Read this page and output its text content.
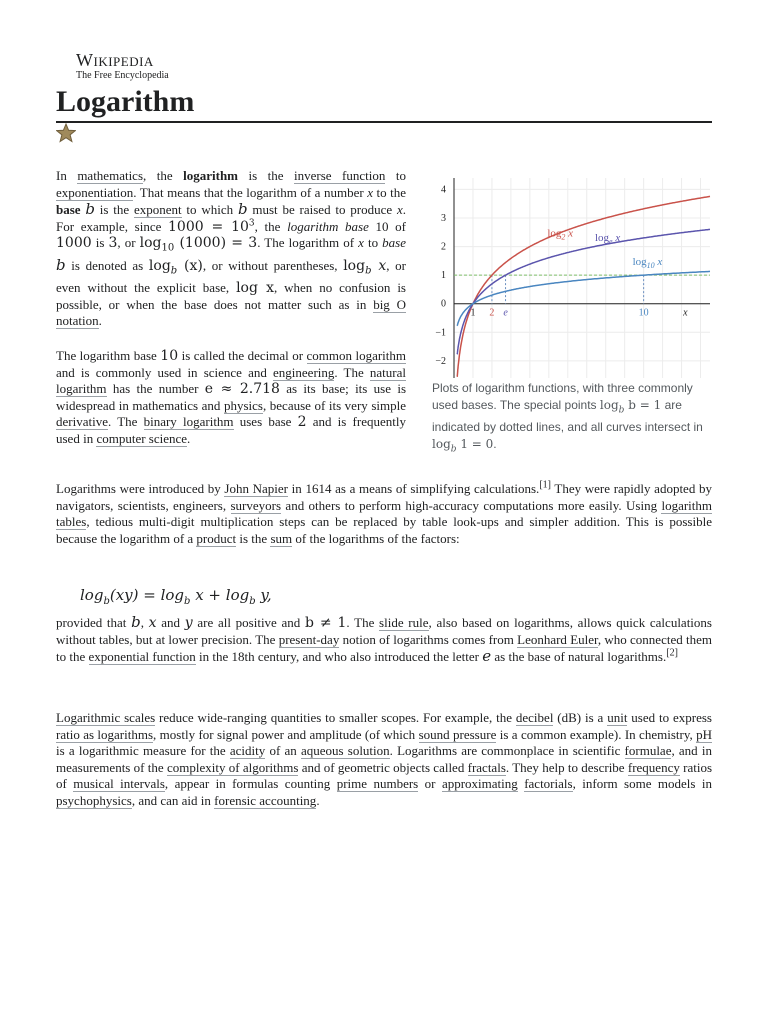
Wikipedia
The Free Encyclopedia
Logarithm
In mathematics, the logarithm is the inverse function to exponentiation. That means that the logarithm of a number x to the base b is the exponent to which b must be raised to produce x. For example, since $1000 = 10^3$, the logarithm base 10 of 1000 is 3, or $\log_{10} (1000) = 3$. The logarithm of x to base b is denoted as $\log_b (x)$, or without parentheses, $\log_b x$, or even without the explicit base, log x, when no confusion is possible, or when the base does not matter such as in big O notation.
The logarithm base 10 is called the decimal or common logarithm and is commonly used in science and engineering. The natural logarithm has the number e ≈ 2.718 as its base; its use is widespread in mathematics and physics, because of its very simple derivative. The binary logarithm uses base 2 and is frequently used in computer science.
4
3
2
1
0
−1
−2
1 2 e	10	x
$\log_2 x$ $\log_e x$
$\log_{10} x$
Plots of logarithm functions, with three commonly used bases. The special points $\log_b b = 1$ are indicated by dotted lines, and all curves intersect in $\log_b 1 = 0$.
Logarithms were introduced by John Napier in 1614 as a means of simplifying calculations.[1] They were rapidly adopted by navigators, scientists, engineers, surveyors and others to perform high-accuracy computations more easily. Using logarithm tables, tedious multi-digit multiplication steps can be replaced by table look-ups and simpler addition. This is possible because the logarithm of a product is the sum of the logarithms of the factors:
$\log_b(xy) = \log_b x + \log_b y$,
provided that b, x and y are all positive and b ≠ 1. The slide rule, also based on logarithms, allows quick calculations without tables, but at lower precision. The present-day notion of logarithms comes from Leonhard Euler, who connected them to the exponential function in the 18th century, and who also introduced the letter e as the base of natural logarithms.[2]
Logarithmic scales reduce wide-ranging quantities to smaller scopes. For example, the decibel (dB) is a unit used to express ratio as logarithms, mostly for signal power and amplitude (of which sound pressure is a common example). In chemistry, pH is a logarithmic measure for the acidity of an aqueous solution. Logarithms are commonplace in scientific formulae, and in measurements of the complexity of algorithms and of geometric objects called fractals. They help to describe frequency ratios of musical intervals, appear in formulas counting prime numbers or approximating factorials, inform some models in psychophysics, and can aid in forensic accounting.
